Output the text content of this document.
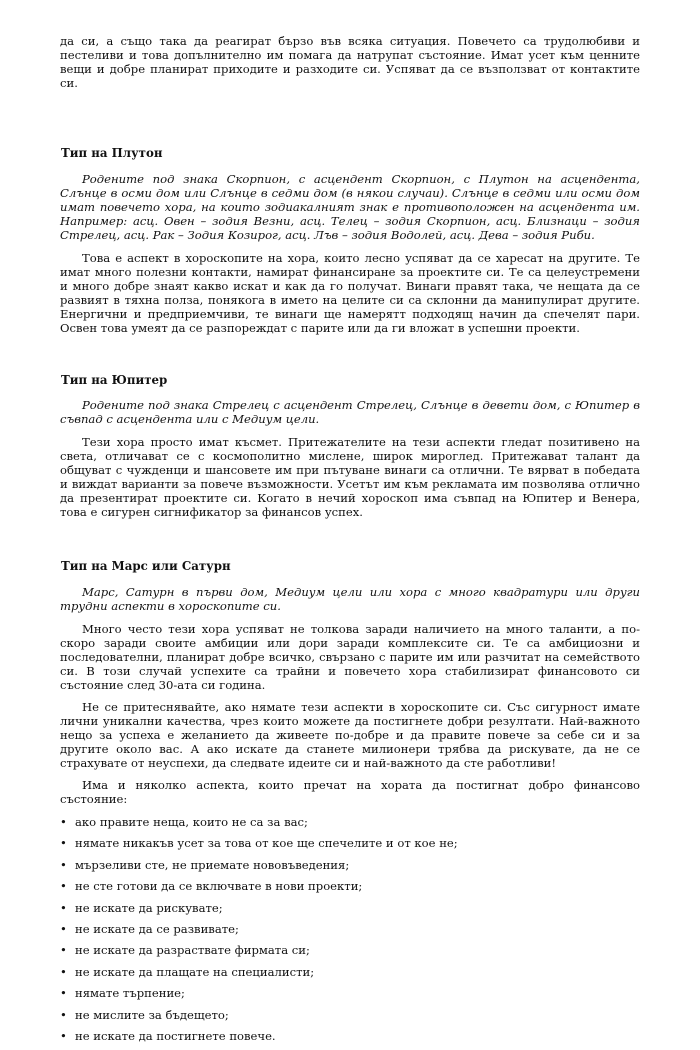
да си, а също така да реагират бързо във всяка ситуация. Повечето са трудолюбиви и пестеливи и това допълнително им помага да натрупат състояние. Имат усет към ценните вещи и добре планират приходите и разходите си. Успяват да се възползват от контактите си.

Тип на Плутон

Родените под знака Скорпион, с асцендент Скорпион, с Плутон на асцендента, Слънце в осми дом или Слънце в седми дом (в някои случаи). Слънце в седми или осми дом имат повечето хора, на които зодиакалният знак е противоположен на асцендента им. Например: асц. Овен – зодия Везни, асц. Телец – зодия Скорпион, асц. Близнаци – зодия Стрелец, асц. Рак – Зодия Козирог, асц. Лъв – зодия Водолей, асц. Дева – зодия Риби.

Това е аспект в хороскопите на хора, които лесно успяват да се харесат на другите. Те имат много полезни контакти, намират финансиране за проектите си. Те са целеустремени и много добре знаят какво искат и как да го получат. Винаги правят така, че нещата да се развият в тяхна полза, понякога в името на целите си са склонни да манипулират другите. Енергични и предприемчиви, те винаги ще намерятт подходящ начин да спечелят пари. Освен това умеят да се разпореждат с парите или да ги вложат в успешни проекти.

Тип на Юпитер

Родените под знака Стрелец с асцендент Стрелец, Слънце в девети дом, с Юпитер в съвпад с асцендента или с Медиум цели.

Тези хора просто имат късмет. Притежателите на тези аспекти гледат позитивено на света, отличават се с космополитно мислене, широк мироглед. Притежават талант да общуват с чужденци и шансовете им при пътуване винаги са отлични. Те вярват в победата и виждат варианти за повече възможности. Усетът им към рекламата им позволява отлично да презентират проектите си. Когато в нечий хороскоп има съвпад на Юпитер и Венера, това е сигурен сигнификатор за финансов успех.

Тип на Марс или Сатурн

Марс, Сатурн в първи дом, Медиум цели или хора с много квадратури или други трудни аспекти в хороскопите си.

Много често тези хора успяват не толкова заради наличието на много таланти, а по-скоро заради своите амбиции или дори заради комплексите си. Те са амбициозни и последователни, планират добре всичко, свързано с парите им или разчитат на семейството си. В този случай успехите са трайни и повечето хора стабилизират финансовото си състояние след 30-ата си година.

Не се притеснявайте, ако нямате тези аспекти в хороскопите си. Със сигурност имате лични уникални качества, чрез които можете да постигнете добри резултати. Най-важното нещо за успеха е желанието да живеете по-добре и да правите повече за себе си и за другите около вас. А ако искате да станете милионери трябва да рискувате, да не се страхувате от неуспехи, да следвате идеите си и най-важното да сте работливи!

Има и няколко аспекта, които пречат на хората да постигнат добро финансово състояние:

• ако правите неща, които не са за вас;
• нямате никакъв усет за това от кое ще спечелите и от кое не;
• мързеливи сте, не приемате нововъведения;
• не сте готови да се включвате в нови проекти;
• не искате да рискувате;
• не искате да се развивате;
• не искате да разраствате фирмата си;
• не искате да плащате на специалисти;
• нямате търпение;
• не мислите за бъдещето;
• не искате да постигнете повече.
